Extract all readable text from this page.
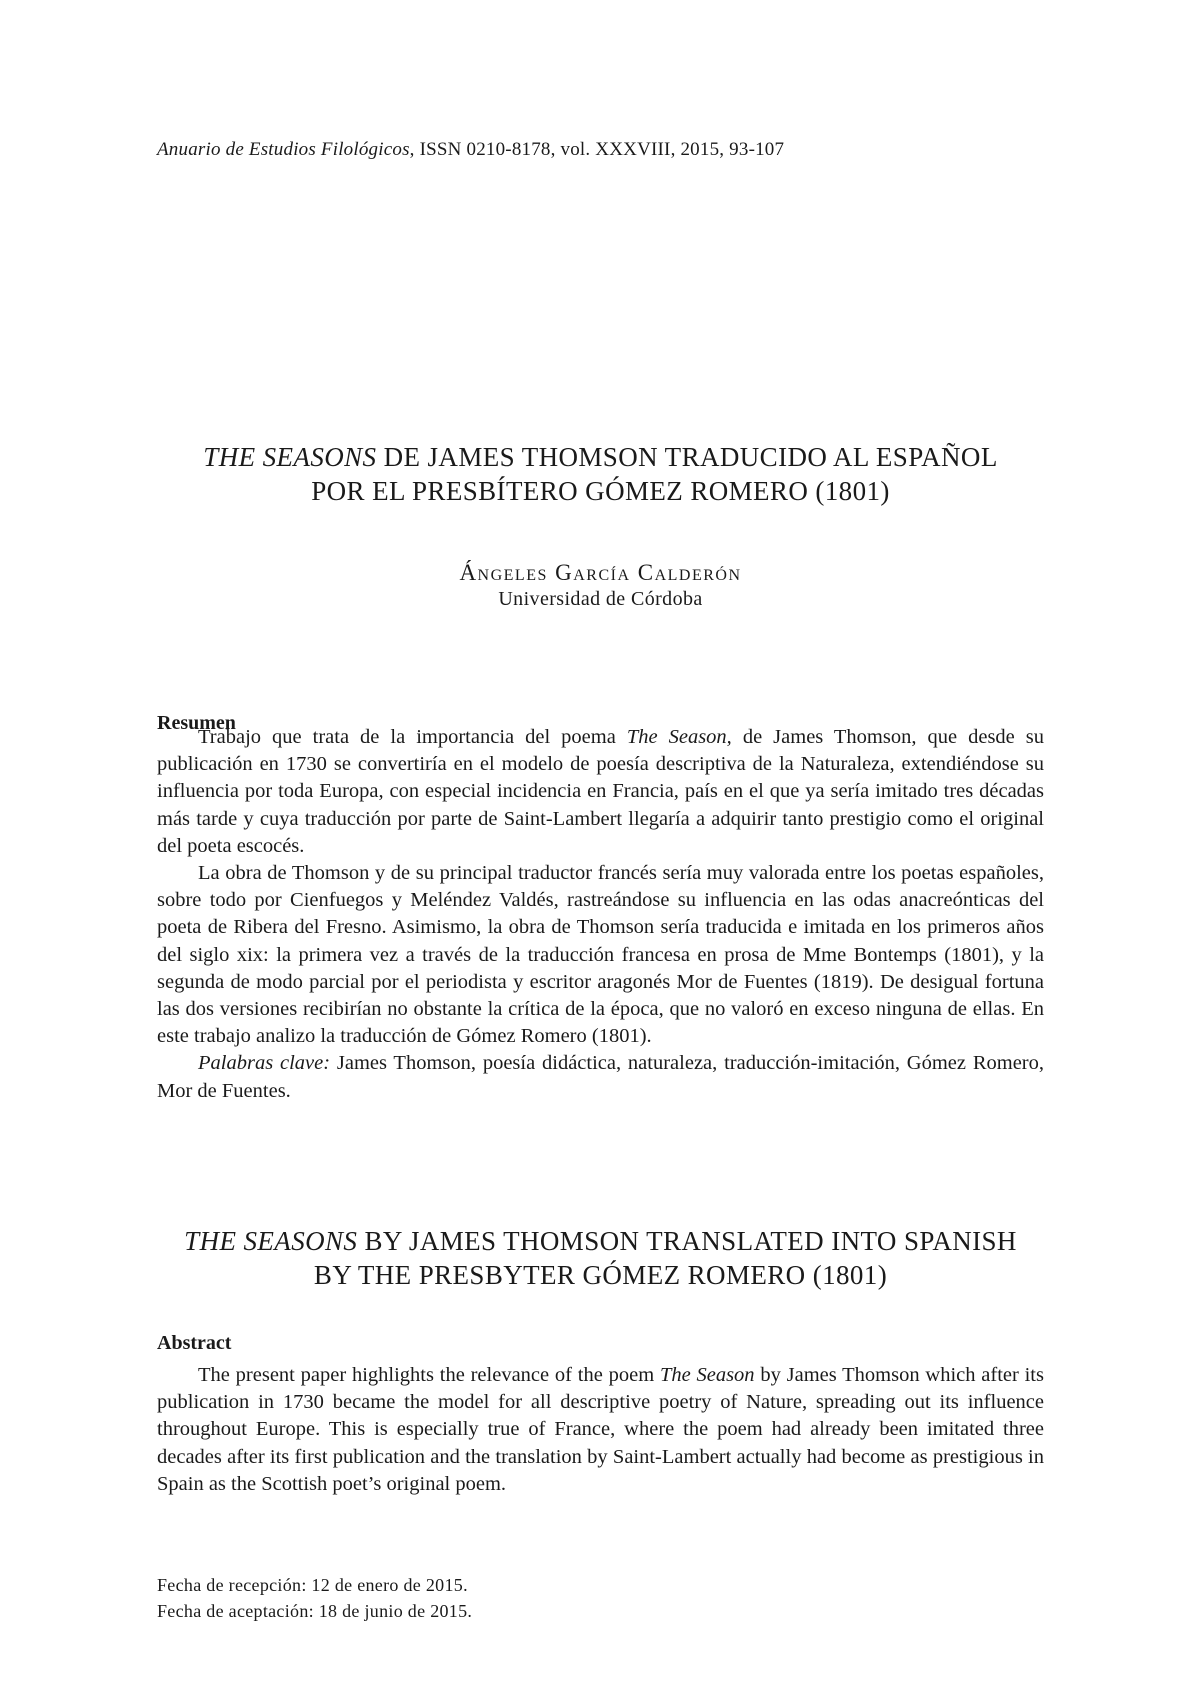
Anuario de Estudios Filológicos, ISSN 0210-8178, vol. XXXVIII, 2015, 93-107
THE SEASONS DE JAMES THOMSON TRADUCIDO AL ESPAÑOL
POR EL PRESBÍTERO GÓMEZ ROMERO (1801)
Ángeles García Calderón
Universidad de Córdoba
Resumen

Trabajo que trata de la importancia del poema The Season, de James Thomson, que desde su publicación en 1730 se convertiría en el modelo de poesía descriptiva de la Naturaleza, extendiéndose su influencia por toda Europa, con especial incidencia en Francia, país en el que ya sería imitado tres décadas más tarde y cuya traducción por parte de Saint-Lambert llegaría a adquirir tanto prestigio como el original del poeta escocés.

La obra de Thomson y de su principal traductor francés sería muy valorada entre los poetas españoles, sobre todo por Cienfuegos y Meléndez Valdés, rastreándose su influencia en las odas anacreónticas del poeta de Ribera del Fresno. Asimismo, la obra de Thomson sería traducida e imitada en los primeros años del siglo xix: la primera vez a través de la traducción francesa en prosa de Mme Bontemps (1801), y la segunda de modo parcial por el periodista y escritor aragonés Mor de Fuentes (1819). De desigual fortuna las dos versiones recibirían no obstante la crítica de la época, que no valoró en exceso ninguna de ellas. En este trabajo analizo la traducción de Gómez Romero (1801).

Palabras clave: James Thomson, poesía didáctica, naturaleza, traducción-imitación, Gómez Romero, Mor de Fuentes.

THE SEASONS BY JAMES THOMSON TRANSLATED INTO SPANISH
BY THE PRESBYTER GÓMEZ ROMERO (1801)
Abstract

The present paper highlights the relevance of the poem The Season by James Thomson which after its publication in 1730 became the model for all descriptive poetry of Nature, spreading out its influence throughout Europe. This is especially true of France, where the poem had already been imitated three decades after its first publication and the translation by Saint-Lambert actually had become as prestigious in Spain as the Scottish poet’s original poem.

Fecha de recepción: 12 de enero de 2015.
Fecha de aceptación: 18 de junio de 2015.
